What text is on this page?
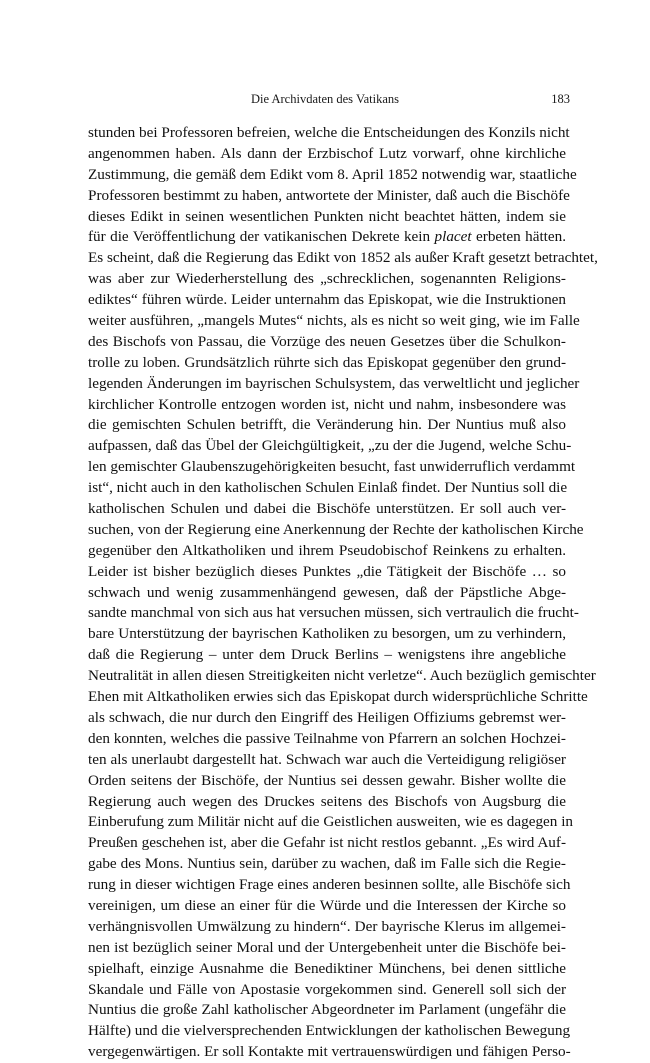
Die Archivdaten des Vatikans	183
stunden bei Professoren befreien, welche die Entscheidungen des Konzils nicht
angenommen haben. Als dann der Erzbischof Lutz vorwarf, ohne kirchliche
Zustimmung, die gemäß dem Edikt vom 8. April 1852 notwendig war, staatliche
Professoren bestimmt zu haben, antwortete der Minister, daß auch die Bischöfe
dieses Edikt in seinen wesentlichen Punkten nicht beachtet hätten, indem sie
für die Veröffentlichung der vatikanischen Dekrete kein placet erbeten hätten.
Es scheint, daß die Regierung das Edikt von 1852 als außer Kraft gesetzt betrachtet,
was aber zur Wiederherstellung des „schrecklichen, sogenannten Religions-
ediktes“ führen würde. Leider unternahm das Episkopat, wie die Instruktionen
weiter ausführen, „mangels Mutes“ nichts, als es nicht so weit ging, wie im Falle
des Bischofs von Passau, die Vorzüge des neuen Gesetzes über die Schulkon-
trolle zu loben. Grundsätzlich rührte sich das Episkopat gegenüber den grund-
legenden Änderungen im bayrischen Schulsystem, das verweltlicht und jeglicher
kirchlicher Kontrolle entzogen worden ist, nicht und nahm, insbesondere was
die gemischten Schulen betrifft, die Veränderung hin. Der Nuntius muß also
aufpassen, daß das Übel der Gleichgültigkeit, „zu der die Jugend, welche Schu-
len gemischter Glaubenszugehörigkeiten besucht, fast unwiderruflich verdammt
ist“, nicht auch in den katholischen Schulen Einlaß findet. Der Nuntius soll die
katholischen Schulen und dabei die Bischöfe unterstützen. Er soll auch ver-
suchen, von der Regierung eine Anerkennung der Rechte der katholischen Kirche
gegenüber den Altkatholiken und ihrem Pseudobischof Reinkens zu erhalten.
Leider ist bisher bezüglich dieses Punktes „die Tätigkeit der Bischöfe … so
schwach und wenig zusammenhängend gewesen, daß der Päpstliche Abge-
sandte manchmal von sich aus hat versuchen müssen, sich vertraulich die frucht-
bare Unterstützung der bayrischen Katholiken zu besorgen, um zu verhindern,
daß die Regierung – unter dem Druck Berlins – wenigstens ihre angebliche
Neutralität in allen diesen Streitigkeiten nicht verletze“. Auch bezüglich gemischter
Ehen mit Altkatholiken erwies sich das Episkopat durch widersprüchliche Schritte
als schwach, die nur durch den Eingriff des Heiligen Offiziums gebremst wer-
den konnten, welches die passive Teilnahme von Pfarrern an solchen Hochzei-
ten als unerlaubt dargestellt hat. Schwach war auch die Verteidigung religiöser
Orden seitens der Bischöfe, der Nuntius sei dessen gewahr. Bisher wollte die
Regierung auch wegen des Druckes seitens des Bischofs von Augsburg die
Einberufung zum Militär nicht auf die Geistlichen ausweiten, wie es dagegen in
Preußen geschehen ist, aber die Gefahr ist nicht restlos gebannt. „Es wird Auf-
gabe des Mons. Nuntius sein, darüber zu wachen, daß im Falle sich die Regie-
rung in dieser wichtigen Frage eines anderen besinnen sollte, alle Bischöfe sich
vereinigen, um diese an einer für die Würde und die Interessen der Kirche so
verhängnisvollen Umwälzung zu hindern“. Der bayrische Klerus im allgemei-
nen ist bezüglich seiner Moral und der Untergebenheit unter die Bischöfe bei-
spielhaft, einzige Ausnahme die Benediktiner Münchens, bei denen sittliche
Skandale und Fälle von Apostasie vorgekommen sind. Generell soll sich der
Nuntius die große Zahl katholischer Abgeordneter im Parlament (ungefähr die
Hälfte) und die vielversprechenden Entwicklungen der katholischen Bewegung
vergegenwärtigen. Er soll Kontakte mit vertrauenswürdigen und fähigen Perso-
